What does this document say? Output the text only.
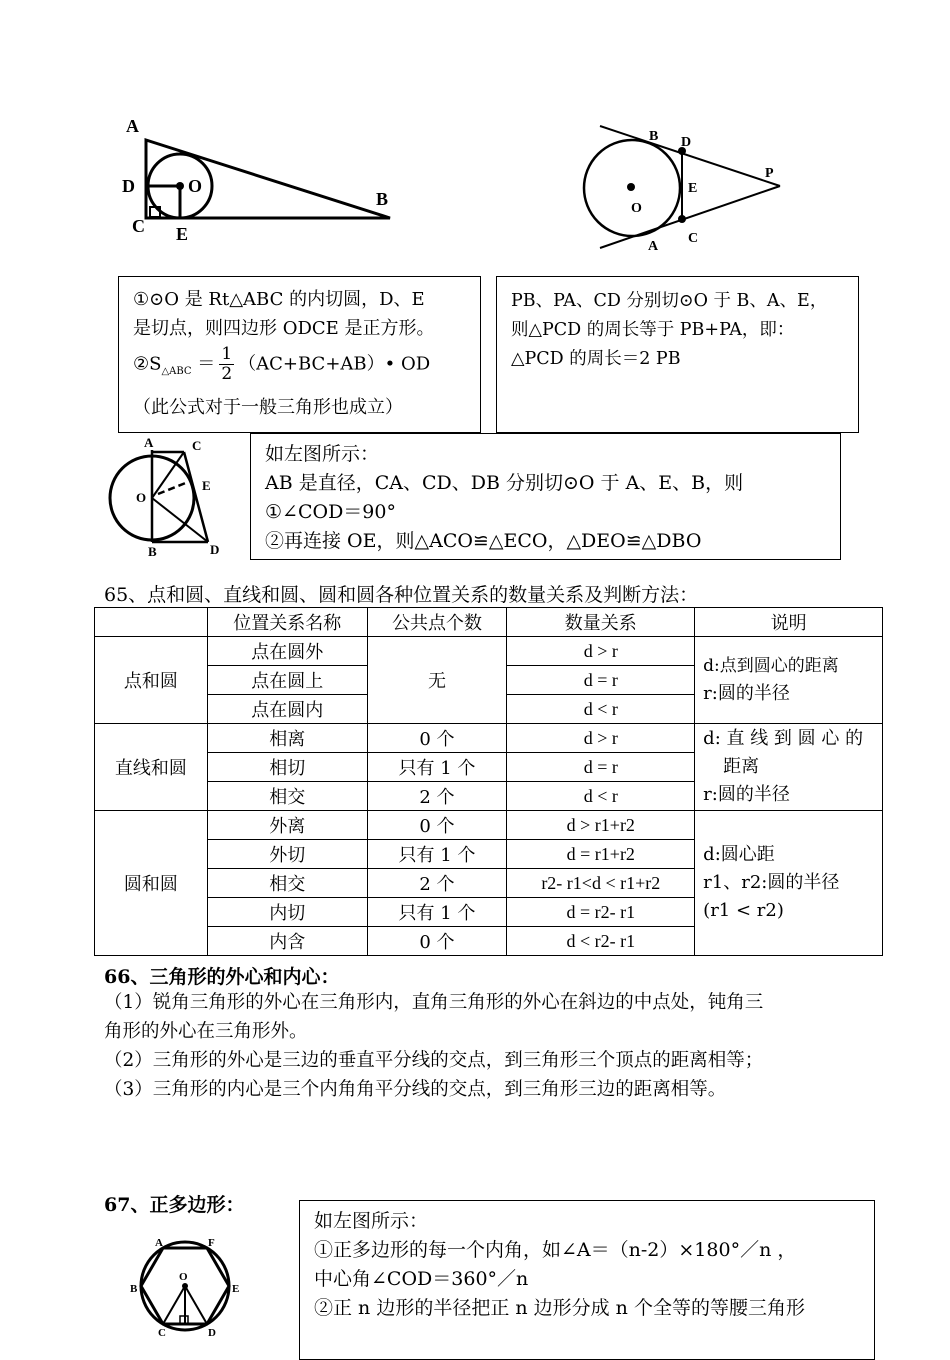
A
D	O
B
C E
B D
P
E
O
A
C

①⊙O 是 Rt△ABC 的内切圆，D、E

是切点，则四边形 ODCE 是正方形。

$②S_{\triangle ABC} = \frac{1}{2}$ （AC+BC+AB）• OD

（此公式对于一般三角形也成立）

PB、PA、CD 分别切⊙O 于 B、A、E，

则△PCD 的周长等于 PB+PA，即：

△PCD 的周长＝2 PB

A	C
E
O
B	D

如左图所示：

AB 是直径，CA、CD、DB 分别切⊙O 于 A、E、B，则

①∠COD＝90°

②再连接 OE，则△ACO≌△ECO，△DEO≌△DBO

65、点和圆、直线和圆、圆和圆各种位置关系的数量关系及判断方法：
	位置关系名称	公共点个数	数量关系	说明
点和圆	点在圆外	无	d > r	d:点到圆心的距离
r:圆的半径

	点在圆上		d = r	
	点在圆内		d < r	
直线和圆	相离	0 个	d > r	d: 直 线 到 圆 心 的
距离
r:圆的半径

	相切	只有 1 个	d = r	
	相交	2 个	d < r	
圆和圆	外离	0 个	d > r1+r2	d:圆心距
r1、r2:圆的半径
(r1 < r2)

	外切	只有 1 个	d = r1+r2	
	相交	2 个	r2- r1<d < r1+r2	
	内切	只有 1 个	d = r2- r1	
	内含	0 个	d < r2- r1	
66、三角形的外心和内心：
（1）锐角三角形的外心在三角形内，直角三角形的外心在斜边的中点处，钝角三
角形的外心在三角形外。
（2）三角形的外心是三边的垂直平分线的交点，到三角形三个顶点的距离相等；
（3）三角形的内心是三个内角角平分线的交点，到三角形三边的距离相等。
67、正多边形：
A	F
B	E
O
C	D

如左图所示：

①正多边形的每一个内角，如∠A＝（n-2）×180°／n ，

中心角∠COD＝360°／n

②正 n 边形的半径把正 n 边形分成 n 个全等的等腰三角形
